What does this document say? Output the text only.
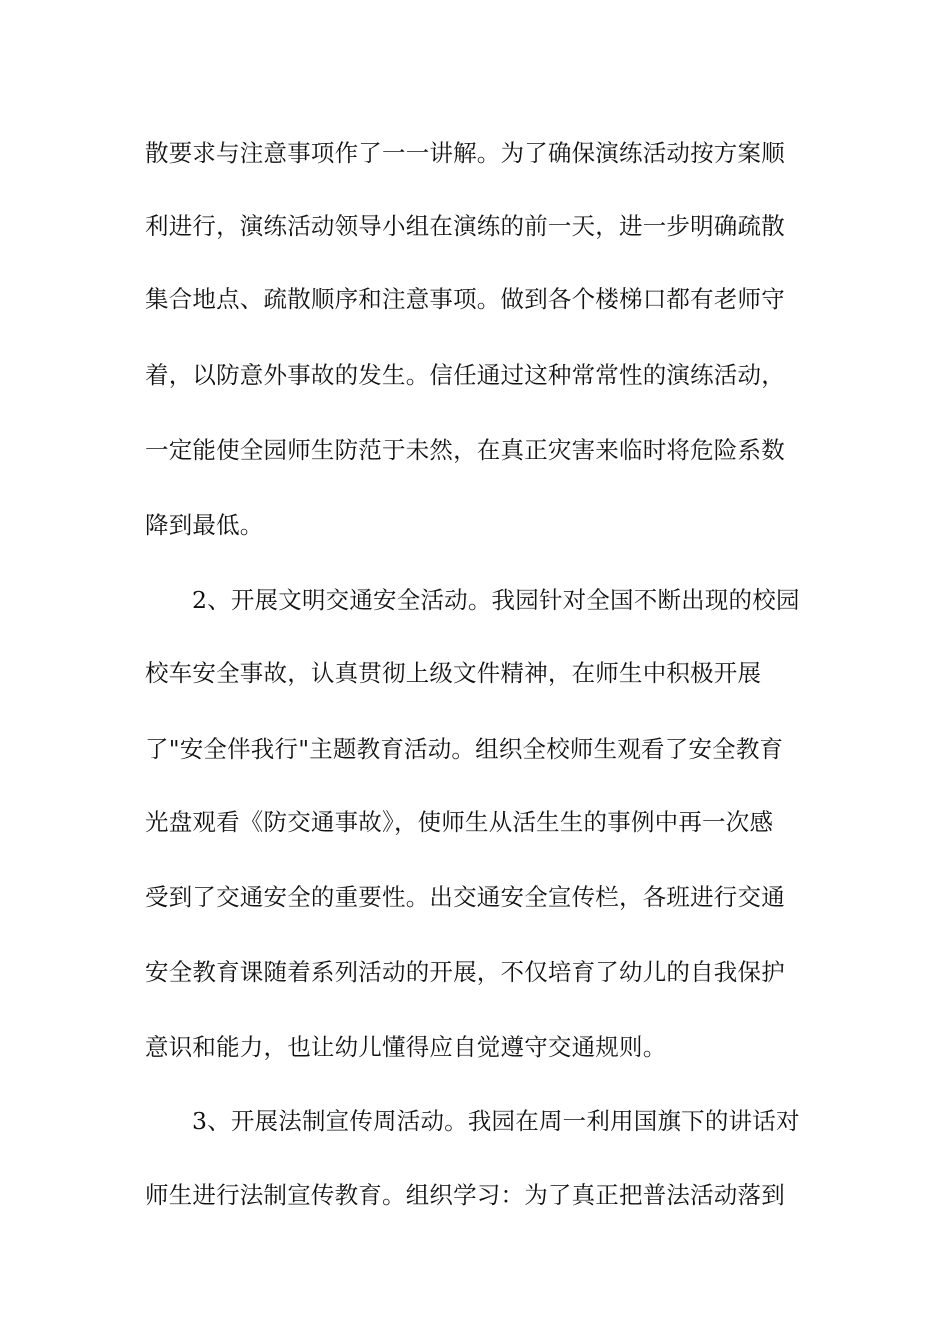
散要求与注意事项作了一一讲解。为了确保演练活动按方案顺
利进行，演练活动领导小组在演练的前一天，进一步明确疏散
集合地点、疏散顺序和注意事项。做到各个楼梯口都有老师守
着，以防意外事故的发生。信任通过这种常常性的演练活动，
一定能使全园师生防范于未然，在真正灾害来临时将危险系数
降到最低。
2、开展文明交通安全活动。我园针对全国不断出现的校园
校车安全事故，认真贯彻上级文件精神，在师生中积极开展
了"安全伴我行"主题教育活动。组织全校师生观看了安全教育
光盘观看《防交通事故》，使师生从活生生的事例中再一次感
受到了交通安全的重要性。出交通安全宣传栏，各班进行交通
安全教育课随着系列活动的开展，不仅培育了幼儿的自我保护
意识和能力，也让幼儿懂得应自觉遵守交通规则。
3、开展法制宣传周活动。我园在周一利用国旗下的讲话对
师生进行法制宣传教育。组织学习：为了真正把普法活动落到
